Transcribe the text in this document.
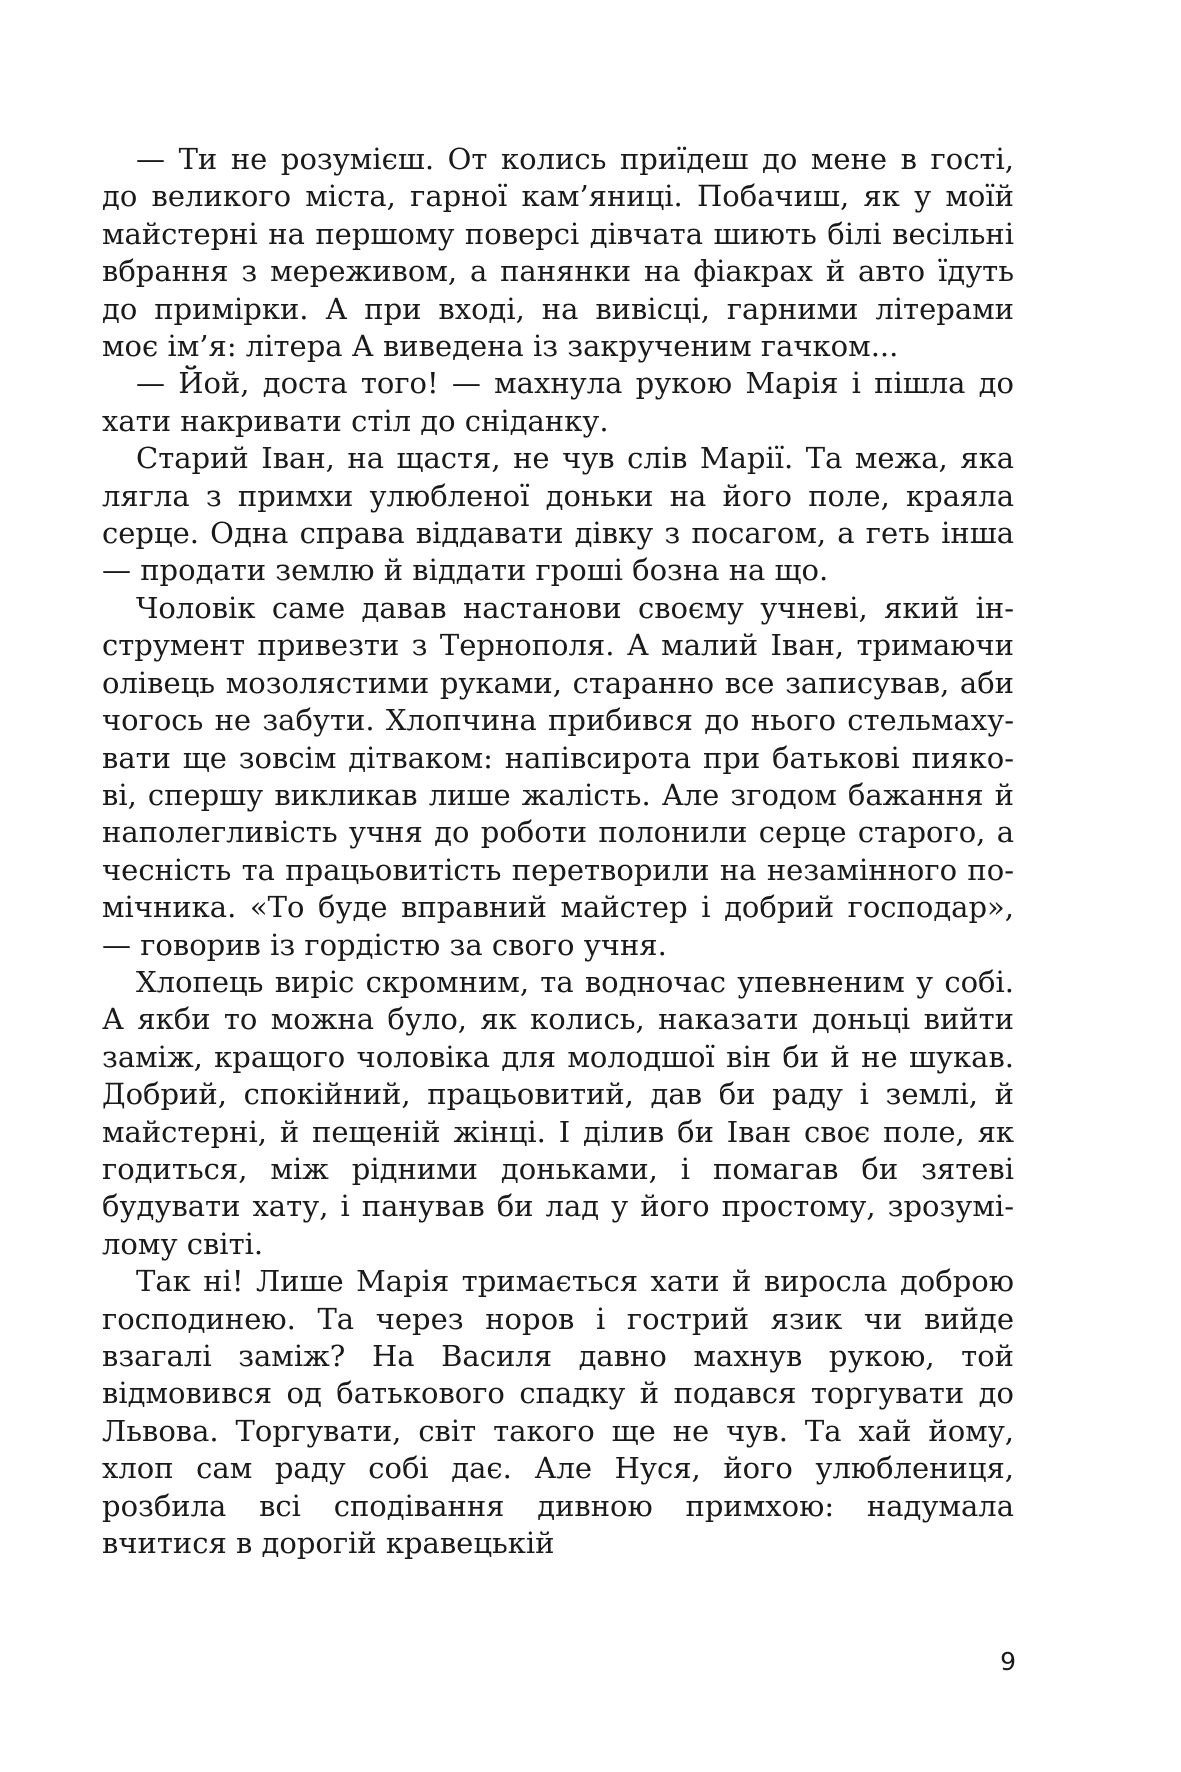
— Ти не розумієш. От колись приїдеш до мене в гості, до великого міста, гарної кам’яниці. Побачиш, як у моїй майстерні на першому поверсі дівчата шиють білі весільні вбрання з мереживом, а панянки на фіакрах й авто їдуть до примірки. А при вході, на вивісці, гарними літерами моє ім’я: літера А виведена із закрученим гачком...

— Йой, доста того! — махнула рукою Марія і пішла до хати накривати стіл до сніданку.

Старий Іван, на щастя, не чув слів Марії. Та межа, яка лягла з примхи улюбленої доньки на його поле, краяла серце. Одна справа віддавати дівку з посагом, а геть інша — продати землю й віддати гроші бозна на що.

Чоловік саме давав настанови своєму учневі, який інструмент привезти з Тернополя. А малий Іван, тримаючи олівець мозолястими руками, старанно все записував, аби чогось не забути. Хлопчина прибився до нього стельмахувати ще зовсім дітваком: напівсирота при батькові пиякові, спершу викликав лише жалість. Але згодом бажання й наполегливість учня до роботи полонили серце старого, а чесність та працьовитість перетворили на незамінного помічника. «То буде вправний майстер і добрий господар», — говорив із гордістю за свого учня.

Хлопець виріс скромним, та водночас упевненим у собі. А якби то можна було, як колись, наказати доньці вийти заміж, кращого чоловіка для молодшої він би й не шукав. Добрий, спокійний, працьовитий, дав би раду і землі, й майстерні, й пещеній жінці. І ділив би Іван своє поле, як годиться, між рідними доньками, і помагав би зятеві будувати хату, і панував би лад у його простому, зрозумілому світі.

Так ні! Лише Марія тримається хати й виросла доброю господинею. Та через норов і гострий язик чи вийде взагалі заміж? На Василя давно махнув рукою, той відмовився од батькового спадку й подався торгувати до Львова. Торгувати, світ такого ще не чув. Та хай йому, хлоп сам раду собі дає. Але Нуся, його улюблениця, розбила всі сподівання дивною примхою: надумала вчитися в дорогій кравецькій

9
